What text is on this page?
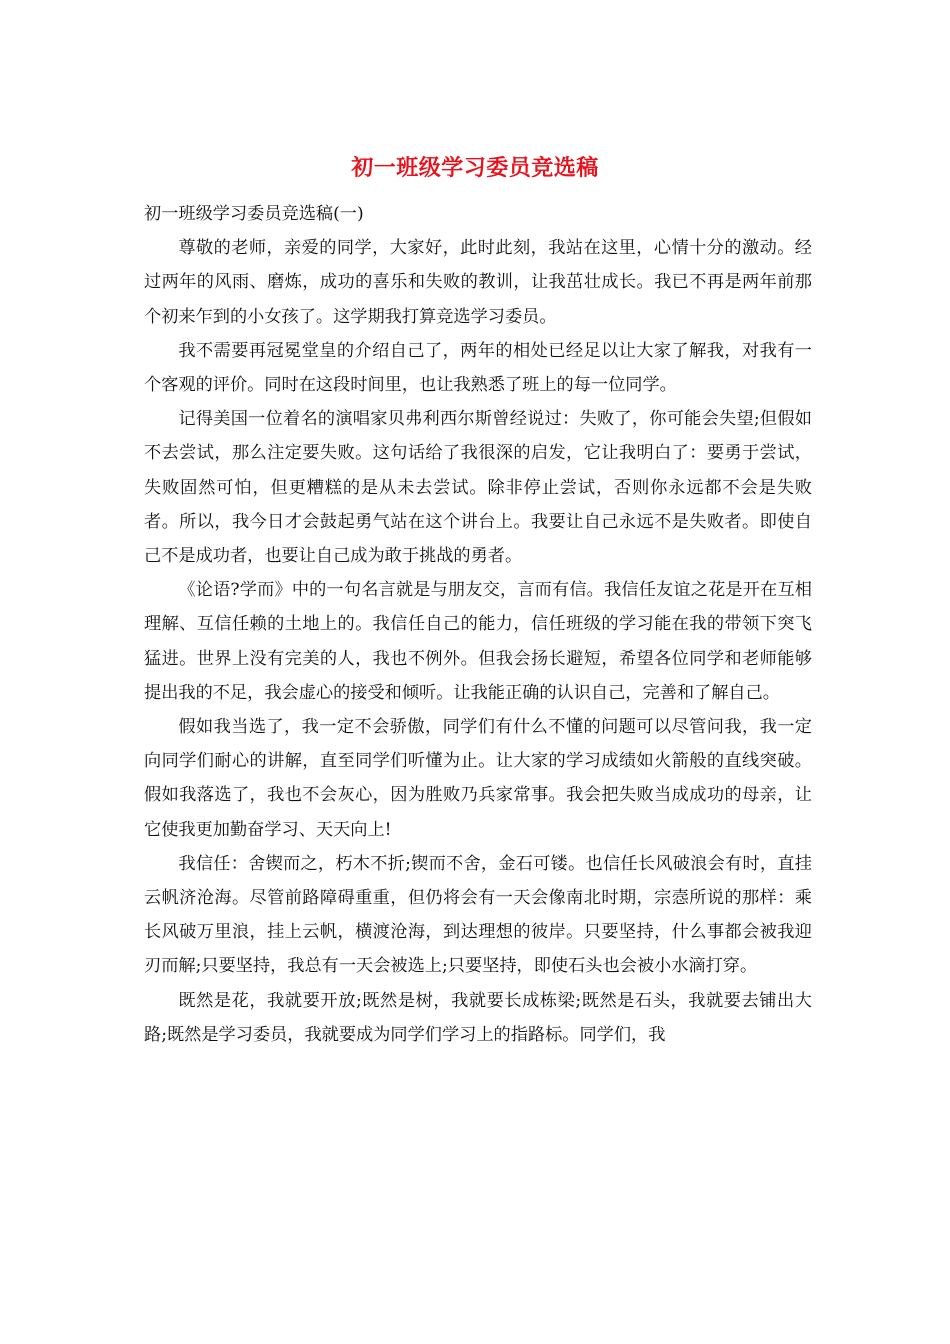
初一班级学习委员竞选稿

初一班级学习委员竞选稿(一)

尊敬的老师，亲爱的同学，大家好，此时此刻，我站在这里，心情十分的激动。经过两年的风雨、磨炼，成功的喜乐和失败的教训，让我茁壮成长。我已不再是两年前那个初来乍到的小女孩了。这学期我打算竞选学习委员。

我不需要再冠冕堂皇的介绍自己了，两年的相处已经足以让大家了解我，对我有一个客观的评价。同时在这段时间里，也让我熟悉了班上的每一位同学。

记得美国一位着名的演唱家贝弗利西尔斯曾经说过：失败了，你可能会失望;但假如不去尝试，那么注定要失败。这句话给了我很深的启发，它让我明白了：要勇于尝试，失败固然可怕，但更糟糕的是从未去尝试。除非停止尝试，否则你永远都不会是失败者。所以，我今日才会鼓起勇气站在这个讲台上。我要让自己永远不是失败者。即使自己不是成功者，也要让自己成为敢于挑战的勇者。

《论语?学而》中的一句名言就是与朋友交，言而有信。我信任友谊之花是开在互相理解、互信任赖的土地上的。我信任自己的能力，信任班级的学习能在我的带领下突飞猛进。世界上没有完美的人，我也不例外。但我会扬长避短，希望各位同学和老师能够提出我的不足，我会虚心的接受和倾听。让我能正确的认识自己，完善和了解自己。

假如我当选了，我一定不会骄傲，同学们有什么不懂的问题可以尽管问我，我一定向同学们耐心的讲解，直至同学们听懂为止。让大家的学习成绩如火箭般的直线突破。假如我落选了，我也不会灰心，因为胜败乃兵家常事。我会把失败当成成功的母亲，让它使我更加勤奋学习、天天向上!

我信任：舍锲而之，朽木不折;锲而不舍，金石可镂。也信任长风破浪会有时，直挂云帆济沧海。尽管前路障碍重重，但仍将会有一天会像南北时期，宗悫所说的那样：乘长风破万里浪，挂上云帆，横渡沧海，到达理想的彼岸。只要坚持，什么事都会被我迎刃而解;只要坚持，我总有一天会被选上;只要坚持，即使石头也会被小水滴打穿。

既然是花，我就要开放;既然是树，我就要长成栋梁;既然是石头，我就要去铺出大路;既然是学习委员，我就要成为同学们学习上的指路标。同学们，我
